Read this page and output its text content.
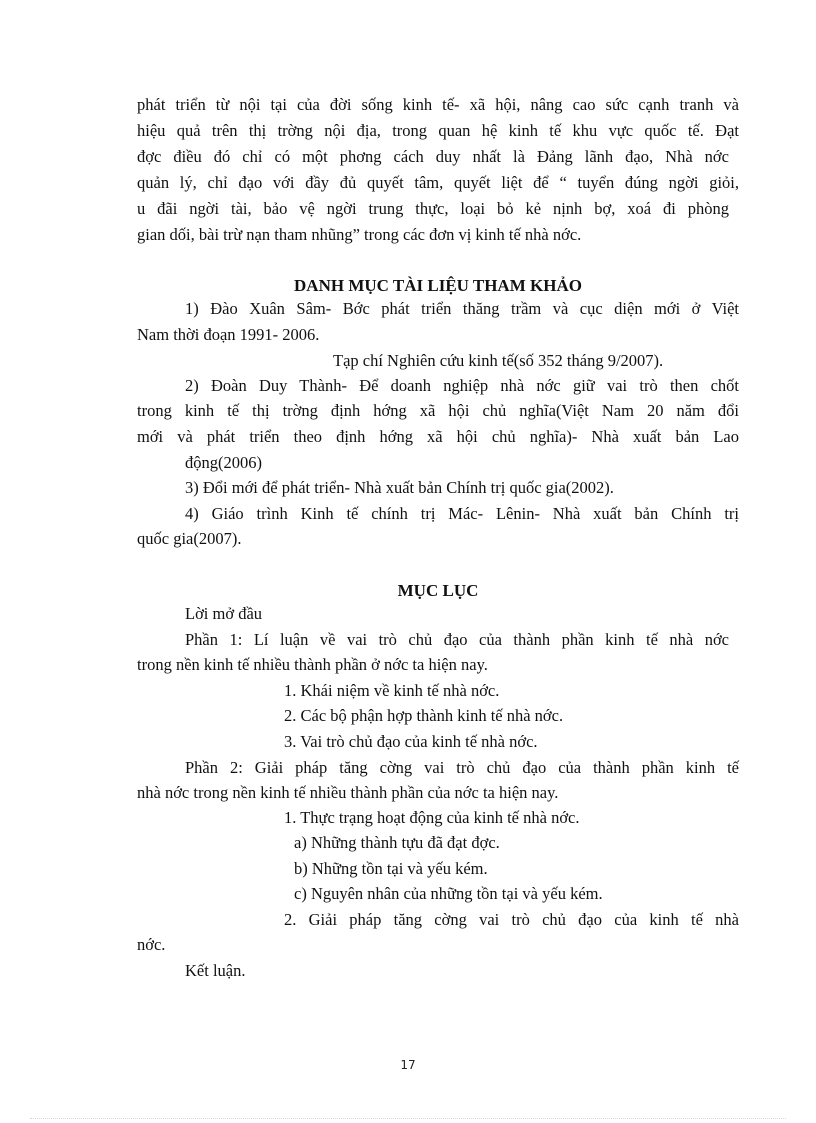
phát triển từ nội tại của đời sống kinh tế- xã hội, nâng cao sức cạnh tranh và
hiệu quả trên thị trờng nội địa, trong quan hệ kinh tế khu vực quốc tế. Đạt
đợc điều đó chỉ có một phơng cách duy nhất là Đảng lãnh đạo, Nhà nớc
quản lý, chỉ đạo với đầy đủ quyết tâm, quyết liệt để “ tuyển đúng ngời giỏi,
u đãi ngời tài, bảo vệ ngời trung thực, loại bỏ kẻ nịnh bợ, xoá đi phòng
gian dối, bài trừ nạn tham nhũng” trong các đơn vị kinh tế nhà nớc.
DANH MỤC TÀI LIỆU THAM KHẢO
1) Đào Xuân Sâm- Bớc phát triển thăng trầm và cục diện mới ở Việt
Nam thời đoạn 1991- 2006.
Tạp chí Nghiên cứu kinh tế(số 352 tháng 9/2007).
2) Đoàn Duy Thành- Để doanh nghiệp nhà nớc giữ vai trò then chốt
trong kinh tế thị trờng định hớng xã hội chủ nghĩa(Việt Nam 20 năm đổi
mới và phát triển theo định hớng xã hội chủ nghĩa)- Nhà xuất bản Lao
động(2006)
3) Đổi mới để phát triển- Nhà xuất bản Chính trị quốc gia(2002).
4) Giáo trình Kinh tế chính trị Mác- Lênin- Nhà xuất bản Chính trị
quốc gia(2007).
MỤC LỤC
Lời mở đầu
Phần 1: Lí luận về vai trò chủ đạo của thành phần kinh tế nhà nớc
trong nền kinh tế nhiều thành phần ở nớc ta hiện nay.
1. Khái niệm về kinh tế nhà nớc.
2. Các bộ phận hợp thành kinh tế nhà nớc.
3. Vai trò chủ đạo của kinh tế nhà nớc.
Phần 2: Giải pháp tăng cờng vai trò chủ đạo của thành phần kinh tế
nhà nớc trong nền kinh tế nhiều thành phần của nớc ta hiện nay.
1. Thực trạng hoạt động của kinh tế nhà nớc.
a) Những thành tựu đã đạt đợc.
b) Những tồn tại và yếu kém.
c) Nguyên nhân của những tồn tại và yếu kém.
2. Giải pháp tăng cờng vai trò chủ đạo của kinh tế nhà
nớc.
Kết luận.
17
